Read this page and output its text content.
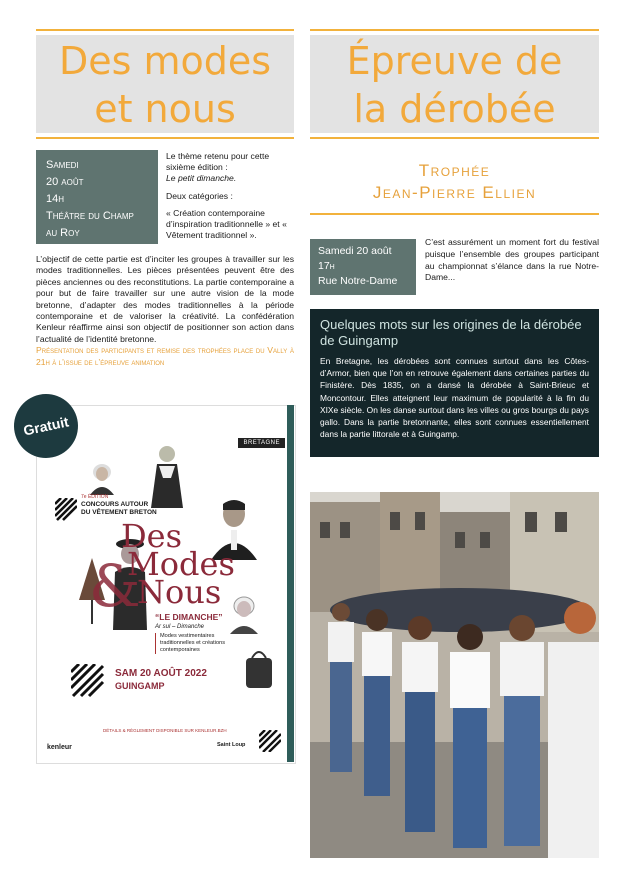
Des modes
et nous
Samedi
20 août
14h
Théâtre du Champ
au Roy

Le thème retenu pour cette sixième édition :
Le petit dimanche.

Deux catégories :

« Création contemporaine d’inspiration traditionnelle » et « Vêtement traditionnel ».

L’objectif de cette partie est d’inciter les groupes à travailler sur les modes traditionnelles. Les pièces présentées peuvent être des pièces anciennes ou des reconstitutions. La partie contemporaine a pour but de faire travailler sur une autre vision de la mode bretonne, d’adapter des modes traditionnelles à la période contemporaine et de valoriser la créativité. La confédération Kenleur réaffirme ainsi son objectif de positionner son action dans l’actualité de l’identité bretonne.
Présentation des participants et remise des trophées place du Vally à 21h à l’issue de l’épreuve animation
BRETAGNE
7e ÉDITION
CONCOURS AUTOUR
DU VÊTEMENT BRETON
Des
Modes
Nous
& “LE DIMANCHE”
Ar sul – Dimanche
Modes vestimentaires
traditionnelles et créations
contemporaines
SAM 20 AOÛT 2022
GUINGAMP
DÉTAILS & RÈGLEMENT DISPONIBLE SUR KENLEUR.BZH
kenleur	Saint Loup
Gratuit
Épreuve de
la dérobée
Trophée
Jean-Pierre Ellien
Samedi 20 août
17h
Rue Notre-Dame
C’est assurément un moment fort du festival puisque l’ensemble des groupes participant au championnat s’élance dans la rue Notre-Dame...
Quelques mots sur les origines de la dérobée de Guingamp

En Bretagne, les dérobées sont connues surtout dans les Côtes-d’Armor, bien que l’on en retrouve également dans certaines parties du Finistère. Dès 1835, on a dansé la dérobée à Saint-Brieuc et Moncontour. Elles atteignent leur maximum de popularité à la fin du XIXe siècle. On les danse surtout dans les villes ou gros bourgs du pays gallo. Dans la partie bretonnante, elles sont connues essentiellement dans la partie littorale et à Guingamp.
